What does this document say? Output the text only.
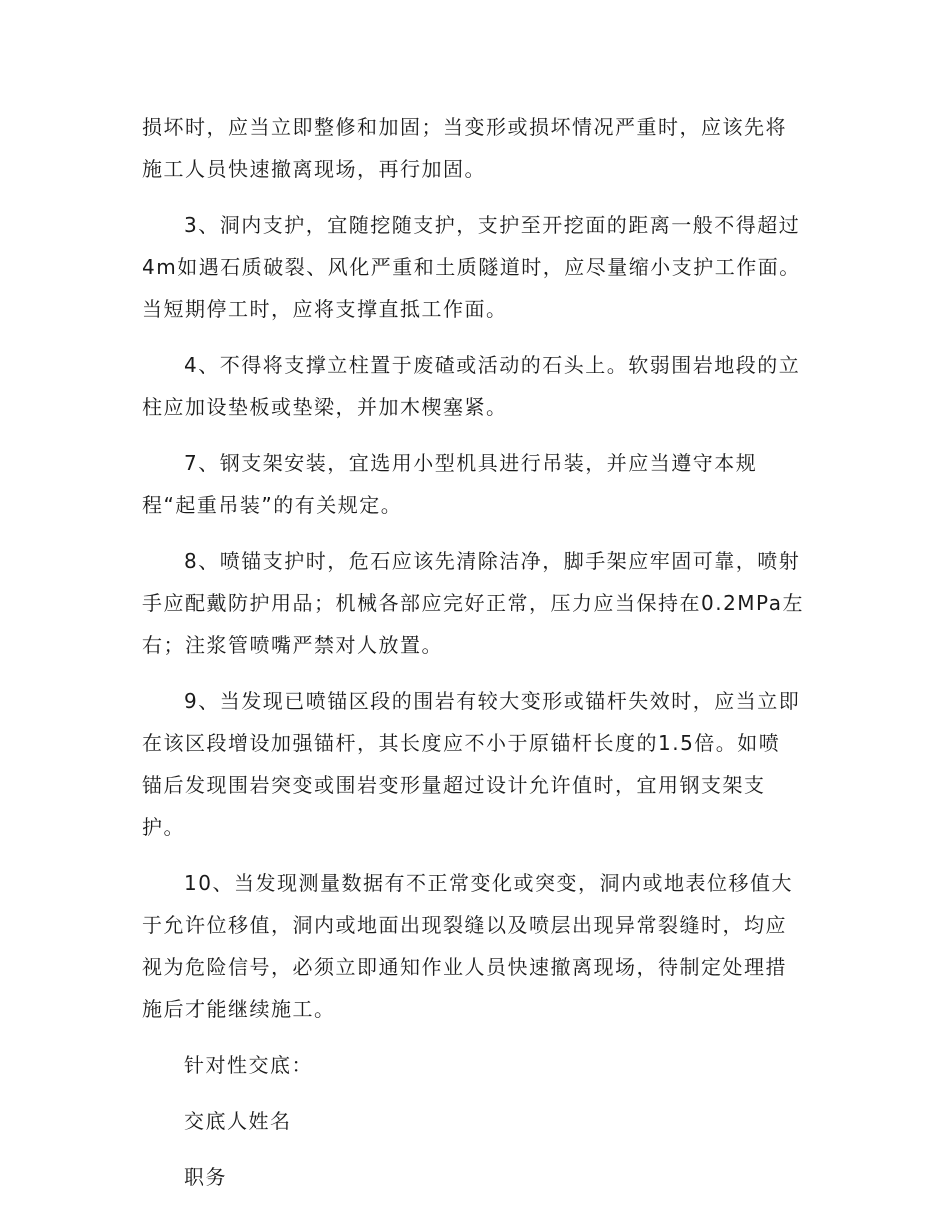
损坏时，应当立即整修和加固；当变形或损坏情况严重时，应该先将
施工人员快速撤离现场，再行加固。
3、洞内支护，宜随挖随支护，支护至开挖面的距离一般不得超过
4m如遇石质破裂、风化严重和土质隧道时，应尽量缩小支护工作面。
当短期停工时，应将支撑直抵工作面。
4、不得将支撑立柱置于废碴或活动的石头上。软弱围岩地段的立
柱应加设垫板或垫梁，并加木楔塞紧。
7、钢支架安装，宜选用小型机具进行吊装，并应当遵守本规
程“起重吊装”的有关规定。
8、喷锚支护时，危石应该先清除洁净，脚手架应牢固可靠，喷射
手应配戴防护用品；机械各部应完好正常，压力应当保持在0.2MPa左
右；注浆管喷嘴严禁对人放置。
9、当发现已喷锚区段的围岩有较大变形或锚杆失效时，应当立即
在该区段增设加强锚杆，其长度应不小于原锚杆长度的1.5倍。如喷
锚后发现围岩突变或围岩变形量超过设计允许值时，宜用钢支架支
护。
10、当发现测量数据有不正常变化或突变，洞内或地表位移值大
于允许位移值，洞内或地面出现裂缝以及喷层出现异常裂缝时，均应
视为危险信号，必须立即通知作业人员快速撤离现场，待制定处理措
施后才能继续施工。
针对性交底：
交底人姓名
职务
